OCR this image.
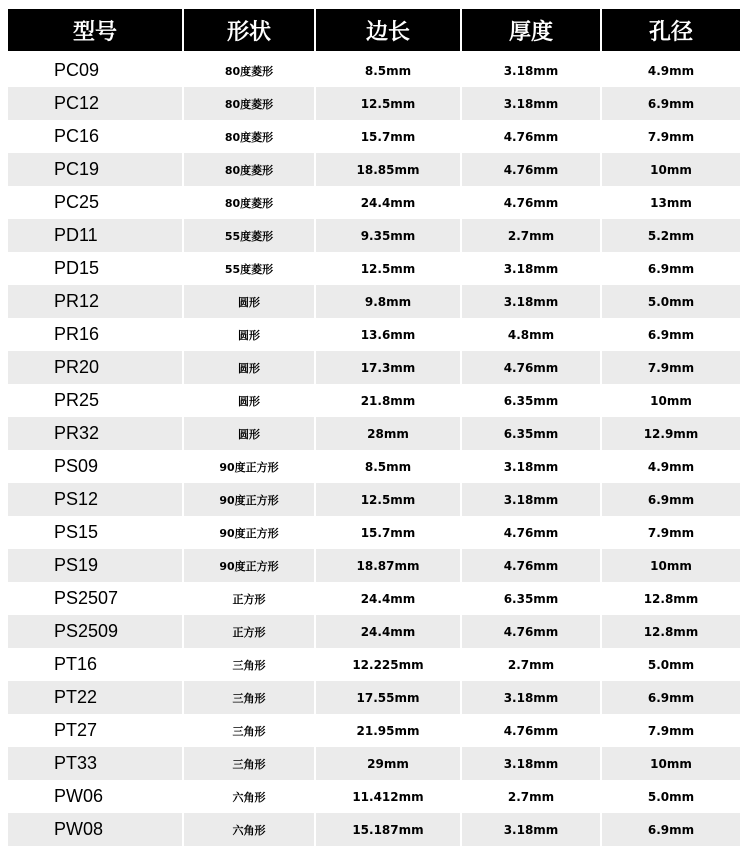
型号	形状	边长	厚度	孔径
PC09	80度菱形	8.5mm	3.18mm	4.9mm
PC12	80度菱形	12.5mm	3.18mm	6.9mm
PC16	80度菱形	15.7mm	4.76mm	7.9mm
PC19	80度菱形	18.85mm	4.76mm	10mm
PC25	80度菱形	24.4mm	4.76mm	13mm
PD11	55度菱形	9.35mm	2.7mm	5.2mm
PD15	55度菱形	12.5mm	3.18mm	6.9mm
PR12	圆形	9.8mm	3.18mm	5.0mm
PR16	圆形	13.6mm	4.8mm	6.9mm
PR20	圆形	17.3mm	4.76mm	7.9mm
PR25	圆形	21.8mm	6.35mm	10mm
PR32	圆形	28mm	6.35mm	12.9mm
PS09	90度正方形	8.5mm	3.18mm	4.9mm
PS12	90度正方形	12.5mm	3.18mm	6.9mm
PS15	90度正方形	15.7mm	4.76mm	7.9mm
PS19	90度正方形	18.87mm	4.76mm	10mm
PS2507	正方形	24.4mm	6.35mm	12.8mm
PS2509	正方形	24.4mm	4.76mm	12.8mm
PT16	三角形	12.225mm	2.7mm	5.0mm
PT22	三角形	17.55mm	3.18mm	6.9mm
PT27	三角形	21.95mm	4.76mm	7.9mm
PT33	三角形	29mm	3.18mm	10mm
PW06	六角形	11.412mm	2.7mm	5.0mm
PW08	六角形	15.187mm	3.18mm	6.9mm
